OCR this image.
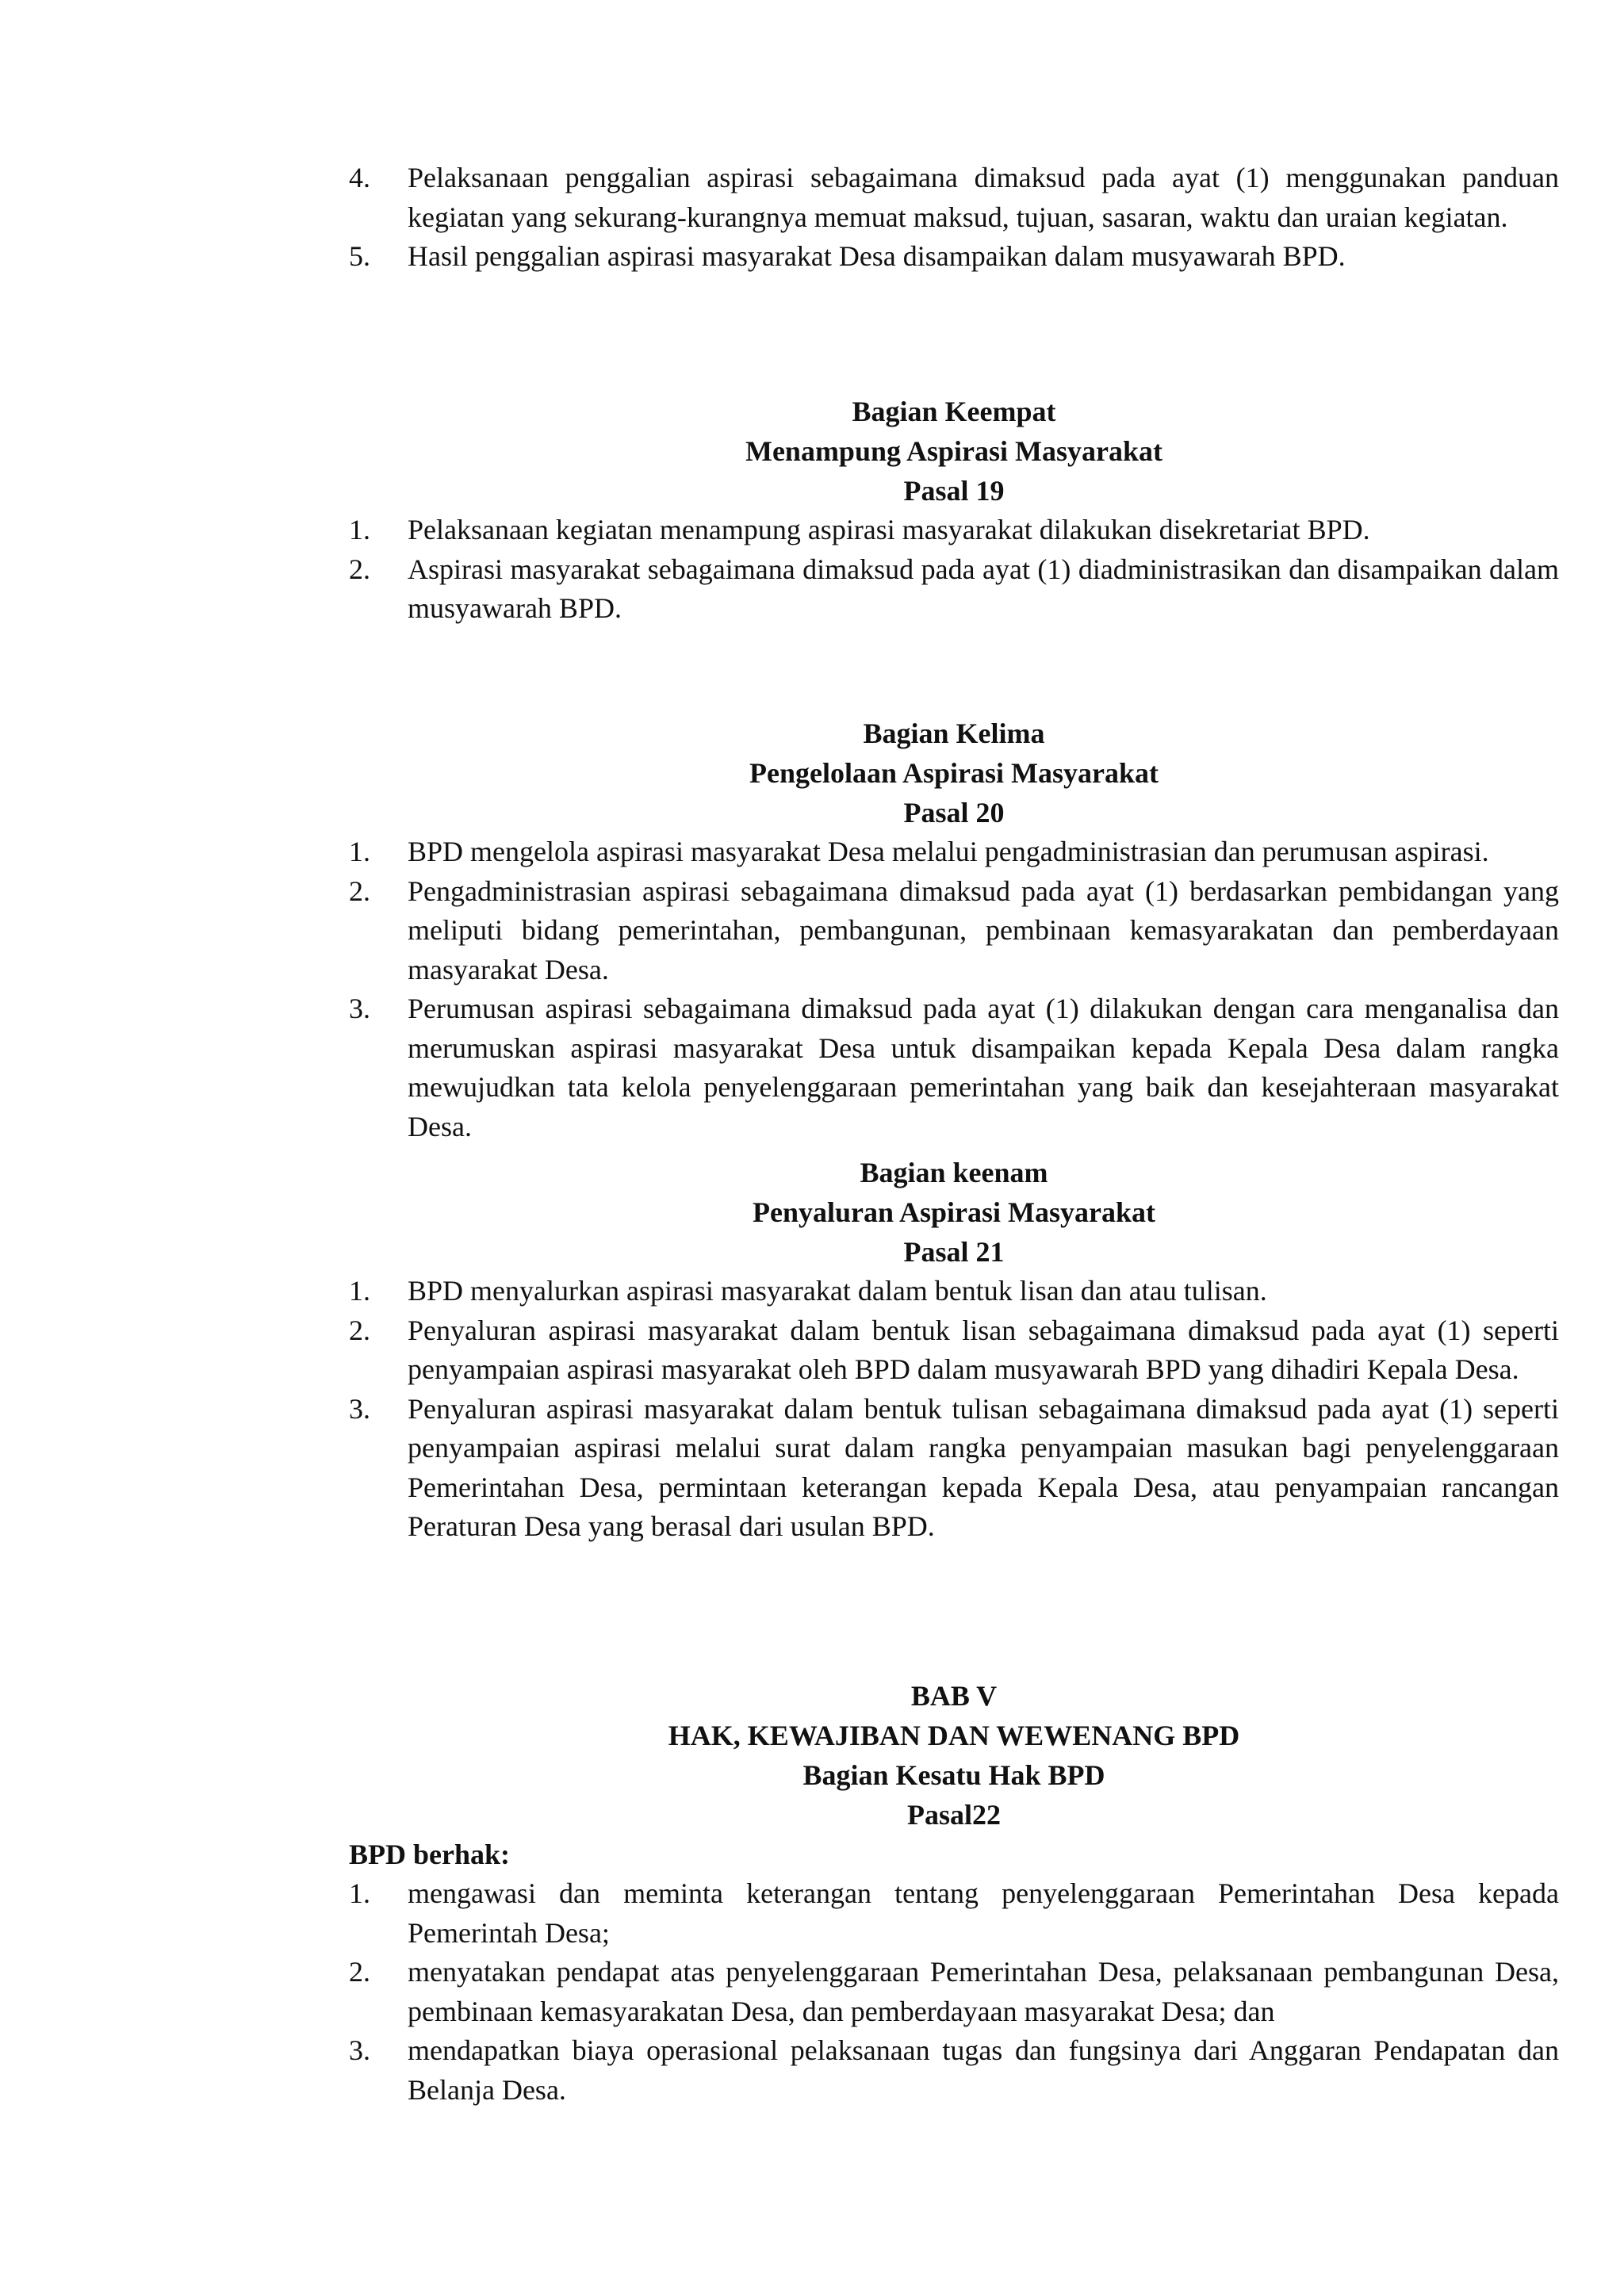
4. Pelaksanaan penggalian aspirasi sebagaimana dimaksud pada ayat (1) menggunakan panduan kegiatan yang sekurang-kurangnya memuat maksud, tujuan, sasaran, waktu dan uraian kegiatan.
5. Hasil penggalian aspirasi masyarakat Desa disampaikan dalam musyawarah BPD.
Bagian Keempat
Menampung Aspirasi Masyarakat
Pasal 19
1. Pelaksanaan kegiatan menampung aspirasi masyarakat dilakukan disekretariat BPD.
2. Aspirasi masyarakat sebagaimana dimaksud pada ayat (1) diadministrasikan dan disampaikan dalam musyawarah BPD.
Bagian Kelima
Pengelolaan Aspirasi Masyarakat
Pasal 20
1. BPD mengelola aspirasi masyarakat Desa melalui pengadministrasian dan perumusan aspirasi.
2. Pengadministrasian aspirasi sebagaimana dimaksud pada ayat (1) berdasarkan pembidangan yang meliputi bidang pemerintahan, pembangunan, pembinaan kemasyarakatan dan pemberdayaan masyarakat Desa.
3. Perumusan aspirasi sebagaimana dimaksud pada ayat (1) dilakukan dengan cara menganalisa dan merumuskan aspirasi masyarakat Desa untuk disampaikan kepada Kepala Desa dalam rangka mewujudkan tata kelola penyelenggaraan pemerintahan yang baik dan kesejahteraan masyarakat Desa.
Bagian keenam
Penyaluran Aspirasi Masyarakat
Pasal 21
1. BPD menyalurkan aspirasi masyarakat dalam bentuk lisan dan atau tulisan.
2. Penyaluran aspirasi masyarakat dalam bentuk lisan sebagaimana dimaksud pada ayat (1) seperti penyampaian aspirasi masyarakat oleh BPD dalam musyawarah BPD yang dihadiri Kepala Desa.
3. Penyaluran aspirasi masyarakat dalam bentuk tulisan sebagaimana dimaksud pada ayat (1) seperti penyampaian aspirasi melalui surat dalam rangka penyampaian masukan bagi penyelenggaraan Pemerintahan Desa, permintaan keterangan kepada Kepala Desa, atau penyampaian rancangan Peraturan Desa yang berasal dari usulan BPD.
BAB V
HAK, KEWAJIBAN DAN WEWENANG BPD
Bagian Kesatu Hak BPD
Pasal22
BPD berhak:
1. mengawasi dan meminta keterangan tentang penyelenggaraan Pemerintahan Desa kepada Pemerintah Desa;
2. menyatakan pendapat atas penyelenggaraan Pemerintahan Desa, pelaksanaan pembangunan Desa, pembinaan kemasyarakatan Desa, dan pemberdayaan masyarakat Desa; dan
3. mendapatkan biaya operasional pelaksanaan tugas dan fungsinya dari Anggaran Pendapatan dan Belanja Desa.
